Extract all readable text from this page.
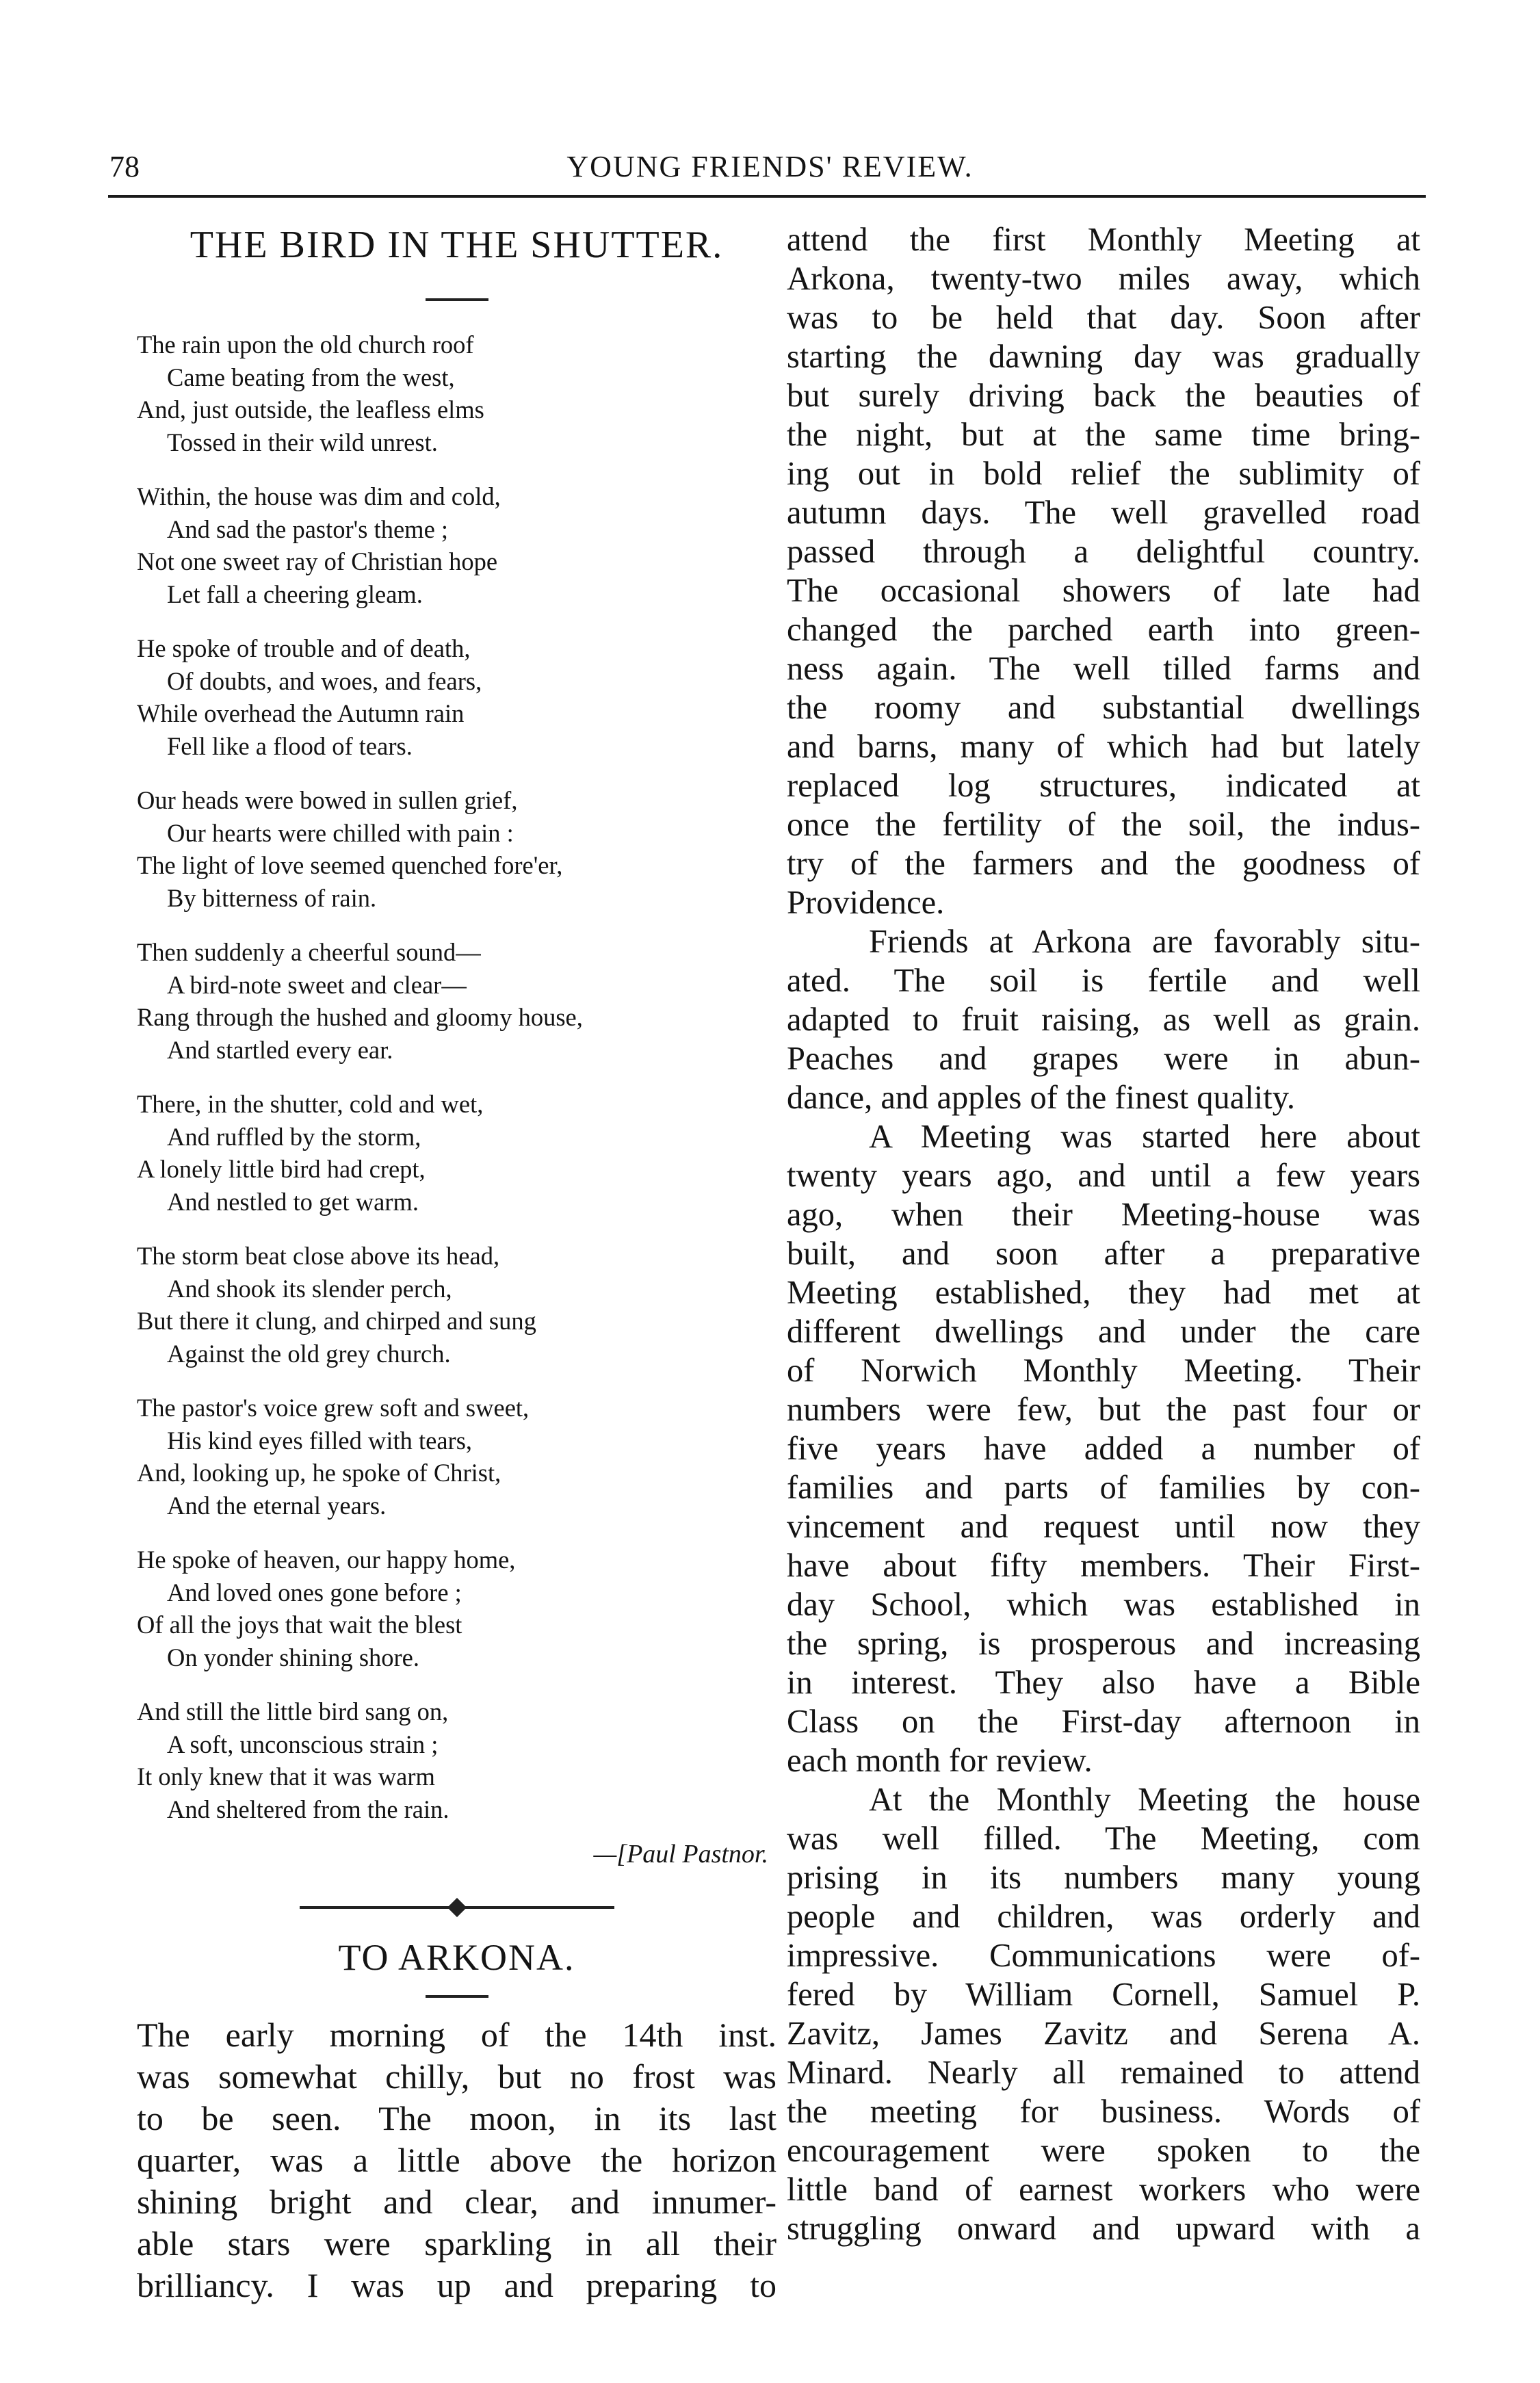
78	YOUNG FRIENDS' REVIEW.
THE BIRD IN THE SHUTTER.
The rain upon the old church roof
Came beating from the west,
And, just outside, the leafless elms
Tossed in their wild unrest.
Within, the house was dim and cold,
And sad the pastor's theme ;
Not one sweet ray of Christian hope
Let fall a cheering gleam.
He spoke of trouble and of death,
Of doubts, and woes, and fears,
While overhead the Autumn rain
Fell like a flood of tears.
Our heads were bowed in sullen grief,
Our hearts were chilled with pain :
The light of love seemed quenched fore'er,
By bitterness of rain.
Then suddenly a cheerful sound—
A bird-note sweet and clear—
Rang through the hushed and gloomy house,
And startled every ear.
There, in the shutter, cold and wet,
And ruffled by the storm,
A lonely little bird had crept,
And nestled to get warm.
The storm beat close above its head,
And shook its slender perch,
But there it clung, and chirped and sung
Against the old grey church.
The pastor's voice grew soft and sweet,
His kind eyes filled with tears,
And, looking up, he spoke of Christ,
And the eternal years.
He spoke of heaven, our happy home,
And loved ones gone before ;
Of all the joys that wait the blest
On yonder shining shore.
And still the little bird sang on,
A soft, unconscious strain ;
It only knew that it was warm
And sheltered from the rain.
—[Paul Pastnor.
TO ARKONA.
The early morning of the 14th inst.
was somewhat chilly, but no frost was
to be seen. The moon, in its last
quarter, was a little above the horizon
shining bright and clear, and innumer-
able stars were sparkling in all their
brilliancy. I was up and preparing to
attend the first Monthly Meeting at
Arkona, twenty-two miles away, which
was to be held that day. Soon after
starting the dawning day was gradually
but surely driving back the beauties of
the night, but at the same time bring-
ing out in bold relief the sublimity of
autumn days. The well gravelled road
passed through a delightful country.
The occasional showers of late had
changed the parched earth into green-
ness again. The well tilled farms and
the roomy and substantial dwellings
and barns, many of which had but lately
replaced log structures, indicated at
once the fertility of the soil, the indus-
try of the farmers and the goodness of
Providence.
Friends at Arkona are favorably situ-
ated. The soil is fertile and well
adapted to fruit raising, as well as grain.
Peaches and grapes were in abun-
dance, and apples of the finest quality.
A Meeting was started here about
twenty years ago, and until a few years
ago, when their Meeting-house was
built, and soon after a preparative
Meeting established, they had met at
different dwellings and under the care
of Norwich Monthly Meeting. Their
numbers were few, but the past four or
five years have added a number of
families and parts of families by con-
vincement and request until now they
have about fifty members. Their First-
day School, which was established in
the spring, is prosperous and increasing
in interest. They also have a Bible
Class on the First-day afternoon in
each month for review.
At the Monthly Meeting the house
was well filled. The Meeting, com
prising in its numbers many young
people and children, was orderly and
impressive. Communications were of-
fered by William Cornell, Samuel P.
Zavitz, James Zavitz and Serena A.
Minard. Nearly all remained to attend
the meeting for business. Words of
encouragement were spoken to the
little band of earnest workers who were
struggling onward and upward with a
